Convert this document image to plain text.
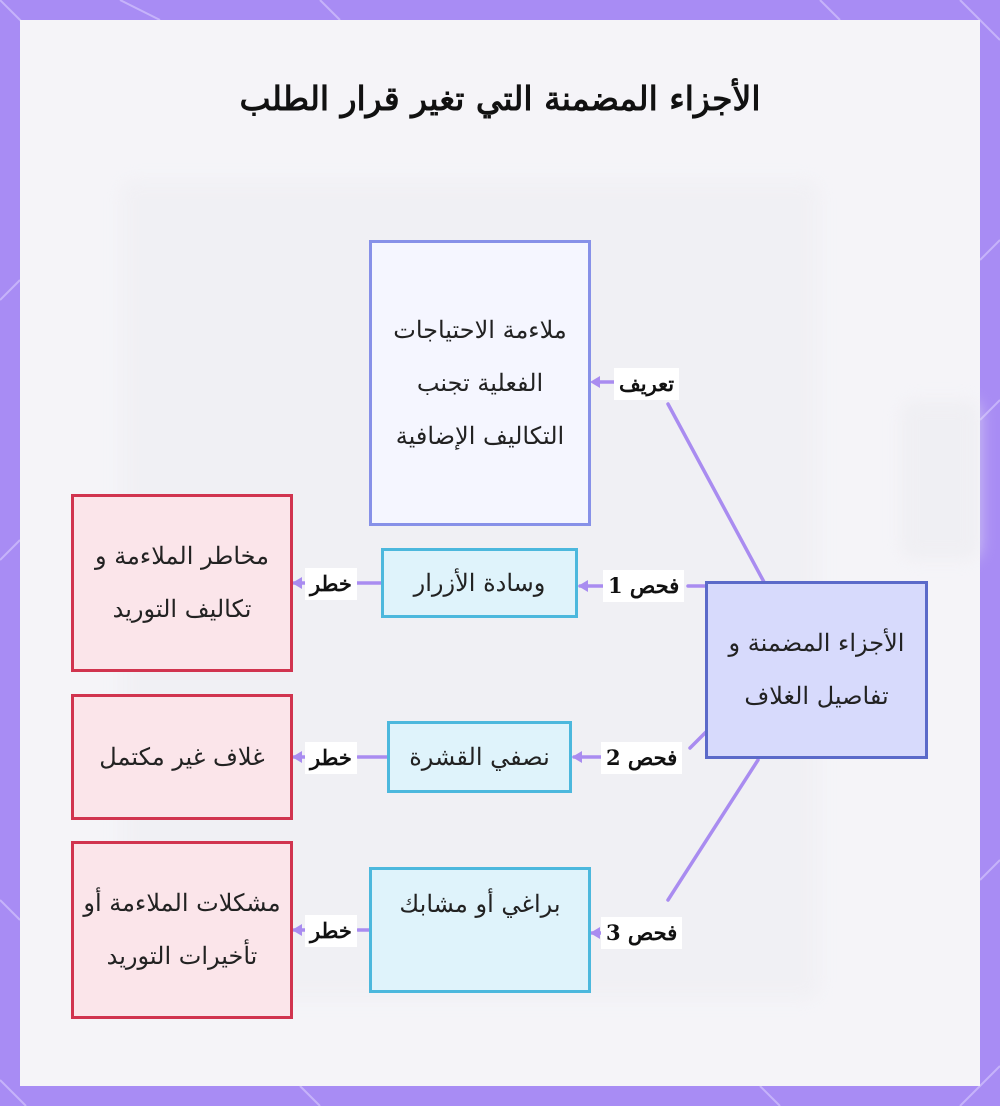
الأجزاء المضمنة التي تغير قرار الطلب
ملاءمة الاحتياجات الفعلية تجنب التكاليف الإضافية
الأجزاء المضمنة و تفاصيل الغلاف
وسادة الأزرار
نصفي القشرة
براغي أو مشابك
مخاطر الملاءمة و تكاليف التوريد
غلاف غير مكتمل
مشكلات الملاءمة أو تأخيرات التوريد
تعريف
فحص 1
فحص 2
فحص 3
خطر
خطر
خطر
